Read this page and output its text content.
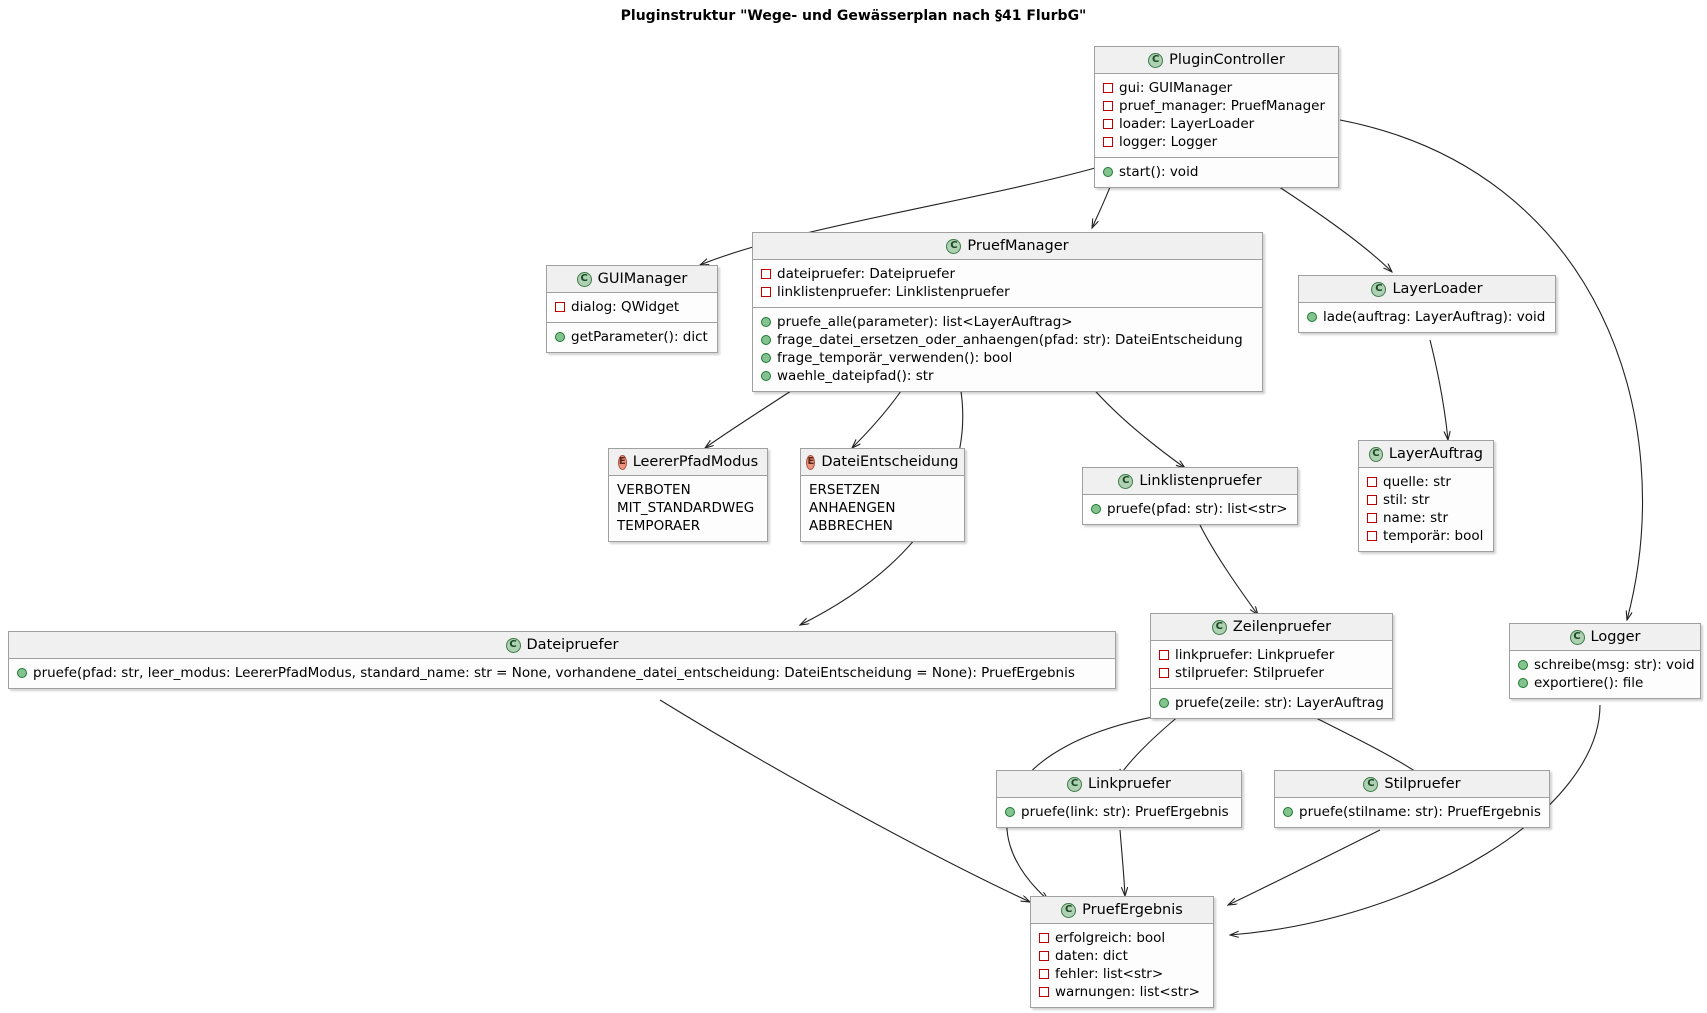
Pluginstruktur "Wege- und Gewässerplan nach §41 FlurbG"
C PluginController
gui: GUIManager
pruef_manager: PruefManager
loader: LayerLoader
logger: Logger
start(): void
C GUIManager
dialog: QWidget
getParameter(): dict
C PruefManager
dateipruefer: Dateipruefer
linklistenpruefer: Linklistenpruefer
pruefe_alle(parameter): list<LayerAuftrag>
frage_datei_ersetzen_oder_anhaengen(pfad: str): DateiEntscheidung
frage_temporär_verwenden(): bool
waehle_dateipfad(): str
C LayerLoader
lade(auftrag: LayerAuftrag): void
E LeererPfadModus
VERBOTEN
MIT_STANDARDWEG
TEMPORAER
E DateiEntscheidung
ERSETZEN
ANHAENGEN
ABBRECHEN
C Linklistenpruefer
pruefe(pfad: str): list<str>
C LayerAuftrag
quelle: str
stil: str
name: str
temporär: bool
C Dateipruefer
pruefe(pfad: str, leer_modus: LeererPfadModus, standard_name: str = None, vorhandene_datei_entscheidung: DateiEntscheidung = None): PruefErgebnis
C Zeilenpruefer
linkpruefer: Linkpruefer
stilpruefer: Stilpruefer
pruefe(zeile: str): LayerAuftrag
C Logger
schreibe(msg: str): void
exportiere(): file
C Linkpruefer
pruefe(link: str): PruefErgebnis
C Stilpruefer
pruefe(stilname: str): PruefErgebnis
C PruefErgebnis
erfolgreich: bool
daten: dict
fehler: list<str>
warnungen: list<str>
